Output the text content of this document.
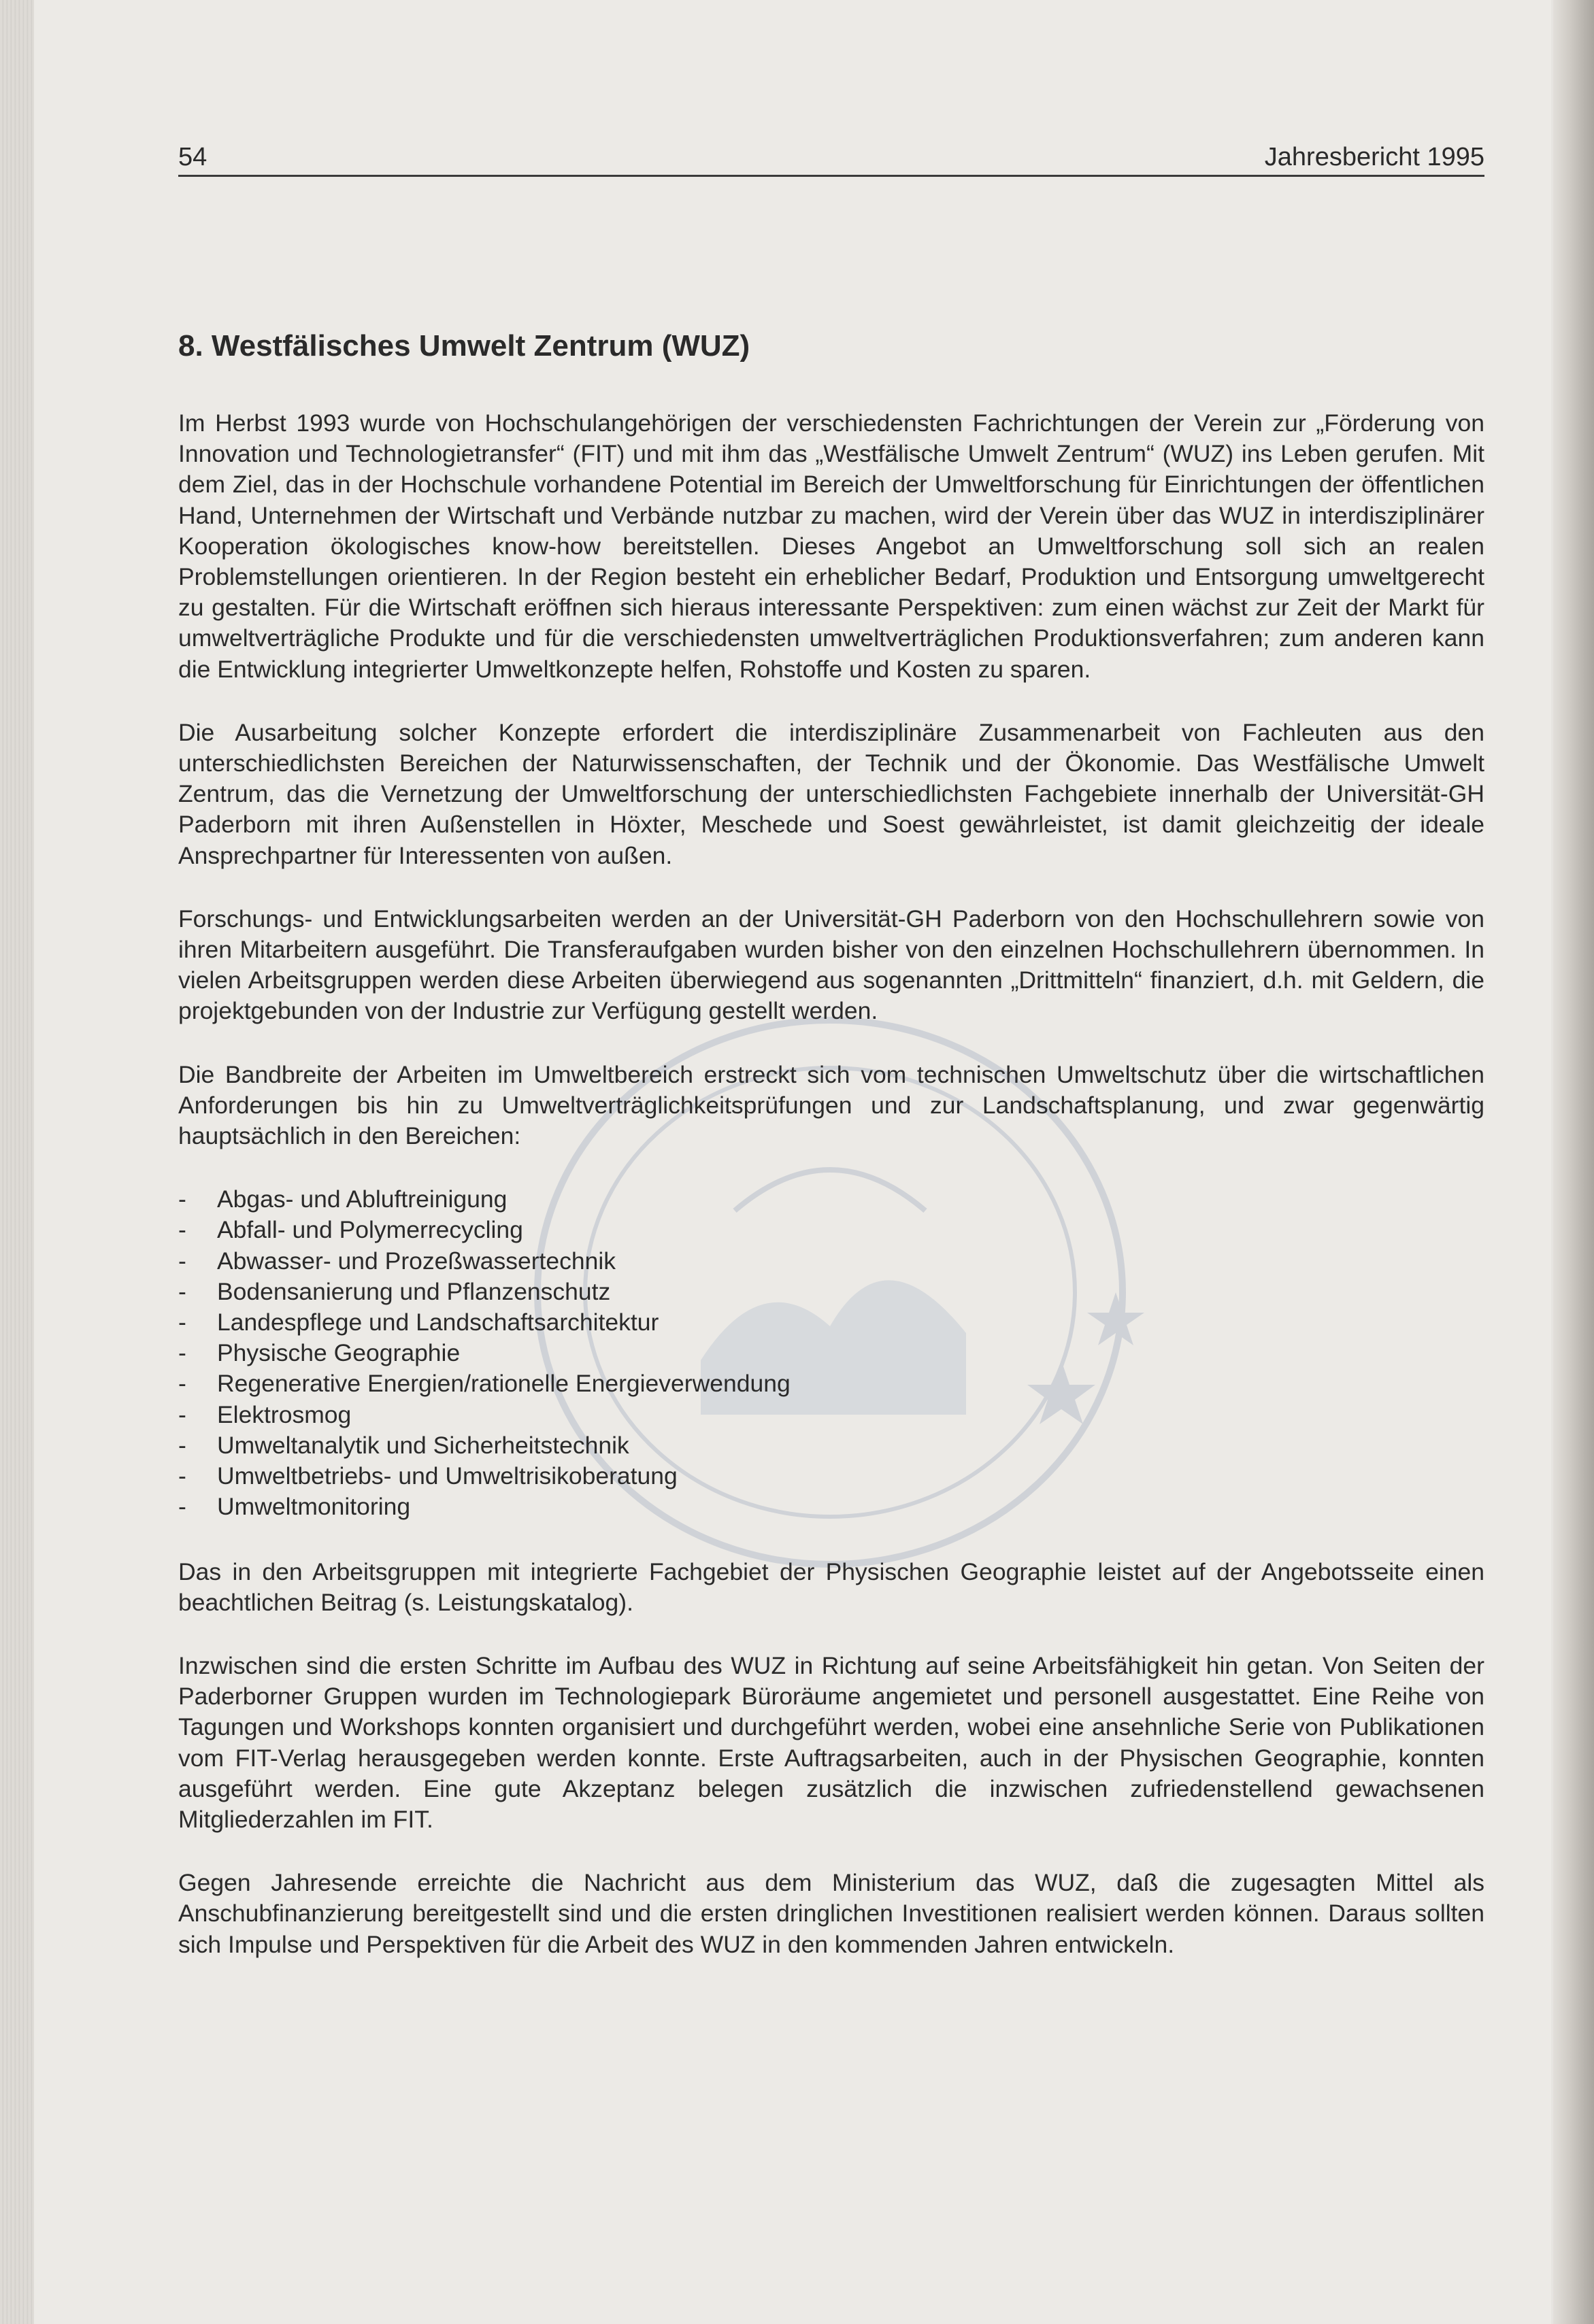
54	Jahresbericht 1995
8. Westfälisches Umwelt Zentrum (WUZ)

Im Herbst 1993 wurde von Hochschulangehörigen der verschiedensten Fachrichtungen der Verein zur „Förderung von Innovation und Technologietransfer“ (FIT) und mit ihm das „Westfälische Umwelt Zentrum“ (WUZ) ins Leben gerufen. Mit dem Ziel, das in der Hochschule vorhandene Potential im Bereich der Umweltforschung für Einrichtungen der öffentlichen Hand, Unternehmen der Wirtschaft und Verbände nutzbar zu machen, wird der Verein über das WUZ in interdisziplinärer Kooperation ökologisches know-how bereitstellen. Dieses Angebot an Umweltforschung soll sich an realen Problemstellungen orientieren. In der Region besteht ein erheblicher Bedarf, Produktion und Entsorgung umweltgerecht zu gestalten. Für die Wirtschaft eröffnen sich hieraus interessante Perspektiven: zum einen wächst zur Zeit der Markt für umweltverträgliche Produkte und für die verschiedensten umweltverträglichen Produktionsverfahren; zum anderen kann die Entwicklung integrierter Umweltkonzepte helfen, Rohstoffe und Kosten zu sparen.

Die Ausarbeitung solcher Konzepte erfordert die interdisziplinäre Zusammenarbeit von Fachleuten aus den unterschiedlichsten Bereichen der Naturwissenschaften, der Technik und der Ökonomie. Das Westfälische Umwelt Zentrum, das die Vernetzung der Umweltforschung der unterschiedlichsten Fachgebiete innerhalb der Universität-GH Paderborn mit ihren Außenstellen in Höxter, Meschede und Soest gewährleistet, ist damit gleichzeitig der ideale Ansprechpartner für Interessenten von außen.

Forschungs- und Entwicklungsarbeiten werden an der Universität-GH Paderborn von den Hochschullehrern sowie von ihren Mitarbeitern ausgeführt. Die Transferaufgaben wurden bisher von den einzelnen Hochschullehrern übernommen. In vielen Arbeitsgruppen werden diese Arbeiten überwiegend aus sogenannten „Drittmitteln“ finanziert, d.h. mit Geldern, die projektgebunden von der Industrie zur Verfügung gestellt werden.

Die Bandbreite der Arbeiten im Umweltbereich erstreckt sich vom technischen Umweltschutz über die wirtschaftlichen Anforderungen bis hin zu Umweltverträglichkeitsprüfungen und zur Landschaftsplanung, und zwar gegenwärtig hauptsächlich in den Bereichen:

- Abgas- und Abluftreinigung
- Abfall- und Polymerrecycling
- Abwasser- und Prozeßwassertechnik
- Bodensanierung und Pflanzenschutz
- Landespflege und Landschaftsarchitektur
- Physische Geographie
- Regenerative Energien/rationelle Energieverwendung
- Elektrosmog
- Umweltanalytik und Sicherheitstechnik
- Umweltbetriebs- und Umweltrisikoberatung
- Umweltmonitoring

Das in den Arbeitsgruppen mit integrierte Fachgebiet der Physischen Geographie leistet auf der Angebotsseite einen beachtlichen Beitrag (s. Leistungskatalog).

Inzwischen sind die ersten Schritte im Aufbau des WUZ in Richtung auf seine Arbeitsfähigkeit hin getan. Von Seiten der Paderborner Gruppen wurden im Technologiepark Büroräume angemietet und personell ausgestattet. Eine Reihe von Tagungen und Workshops konnten organisiert und durchgeführt werden, wobei eine ansehnliche Serie von Publikationen vom FIT-Verlag herausgegeben werden konnte. Erste Auftragsarbeiten, auch in der Physischen Geographie, konnten ausgeführt werden. Eine gute Akzeptanz belegen zusätzlich die inzwischen zufriedenstellend gewachsenen Mitgliederzahlen im FIT.

Gegen Jahresende erreichte die Nachricht aus dem Ministerium das WUZ, daß die zugesagten Mittel als Anschubfinanzierung bereitgestellt sind und die ersten dringlichen Investitionen realisiert werden können. Daraus sollten sich Impulse und Perspektiven für die Arbeit des WUZ in den kommenden Jahren entwickeln.
